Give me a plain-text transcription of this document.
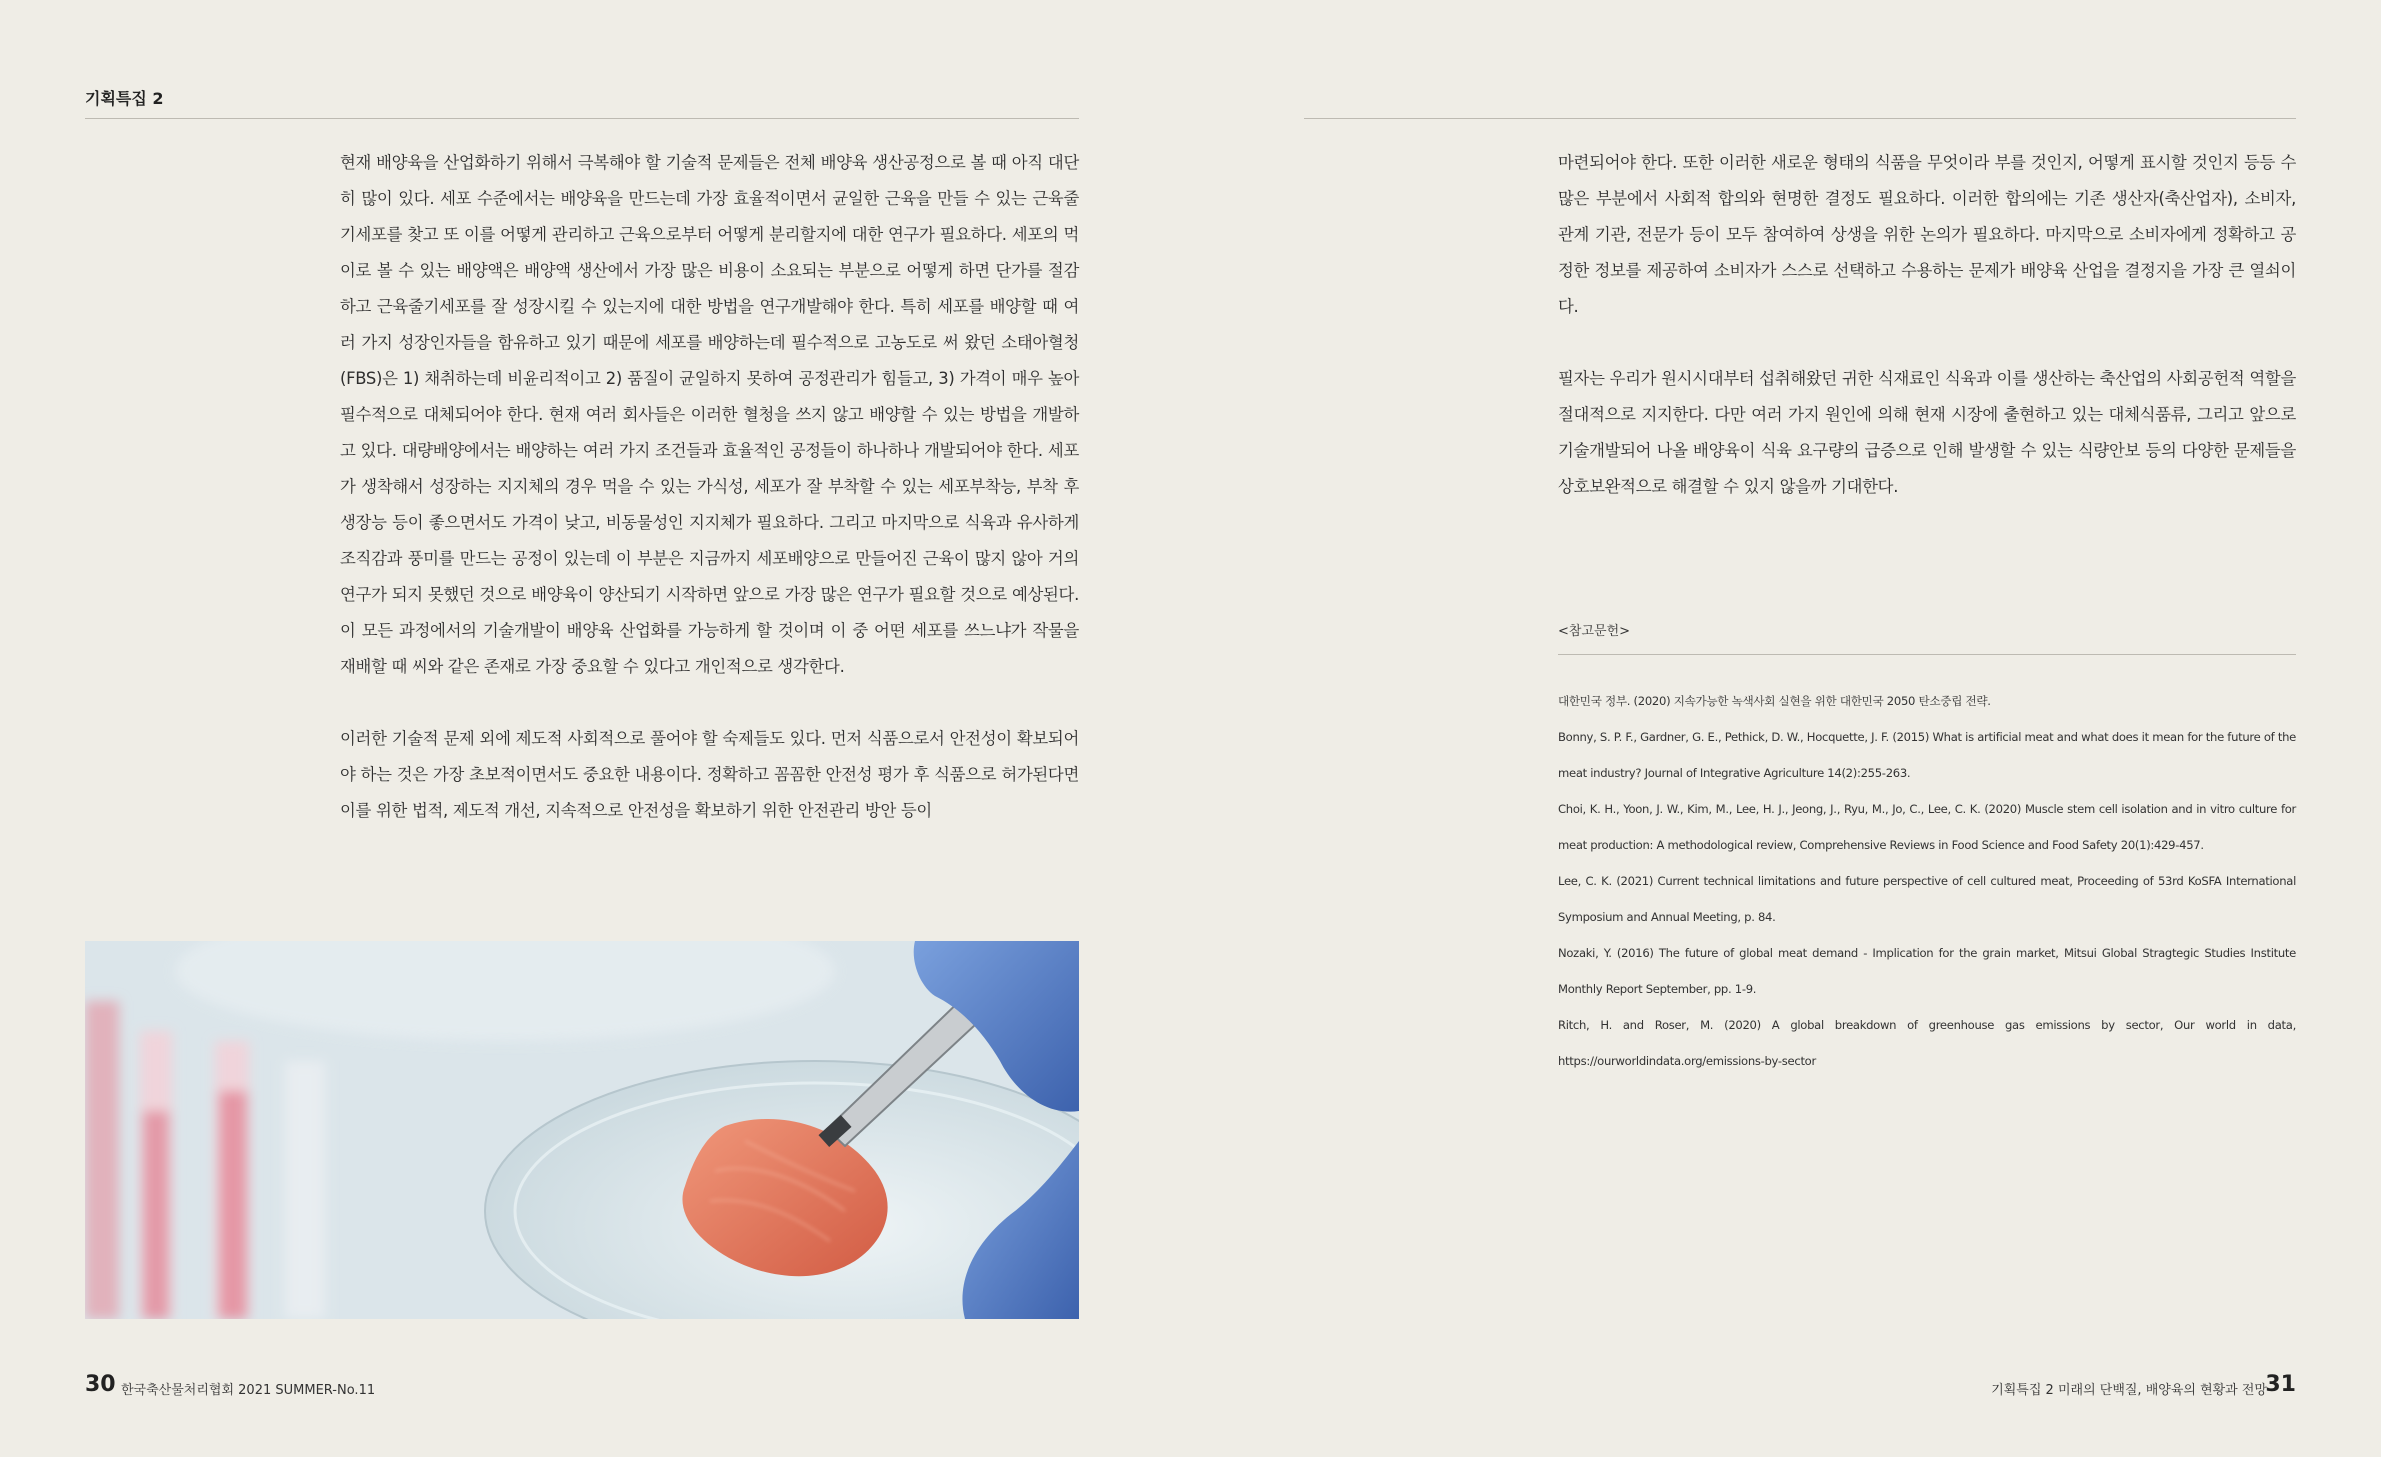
기획특집 2

현재 배양육을 산업화하기 위해서 극복해야 할 기술적 문제들은 전체 배양육 생산공정으로 볼 때 아직 대단히 많이 있다. 세포 수준에서는 배양육을 만드는데 가장 효율적이면서 균일한 근육을 만들 수 있는 근육줄기세포를 찾고 또 이를 어떻게 관리하고 근육으로부터 어떻게 분리할지에 대한 연구가 필요하다. 세포의 먹이로 볼 수 있는 배양액은 배양액 생산에서 가장 많은 비용이 소요되는 부분으로 어떻게 하면 단가를 절감하고 근육줄기세포를 잘 성장시킬 수 있는지에 대한 방법을 연구개발해야 한다. 특히 세포를 배양할 때 여러 가지 성장인자들을 함유하고 있기 때문에 세포를 배양하는데 필수적으로 고농도로 써 왔던 소태아혈청(FBS)은 1) 채취하는데 비윤리적이고 2) 품질이 균일하지 못하여 공정관리가 힘들고, 3) 가격이 매우 높아 필수적으로 대체되어야 한다. 현재 여러 회사들은 이러한 혈청을 쓰지 않고 배양할 수 있는 방법을 개발하고 있다. 대량배양에서는 배양하는 여러 가지 조건들과 효율적인 공정들이 하나하나 개발되어야 한다. 세포가 생착해서 성장하는 지지체의 경우 먹을 수 있는 가식성, 세포가 잘 부착할 수 있는 세포부착능, 부착 후 생장능 등이 좋으면서도 가격이 낮고, 비동물성인 지지체가 필요하다. 그리고 마지막으로 식육과 유사하게 조직감과 풍미를 만드는 공정이 있는데 이 부분은 지금까지 세포배양으로 만들어진 근육이 많지 않아 거의 연구가 되지 못했던 것으로 배양육이 양산되기 시작하면 앞으로 가장 많은 연구가 필요할 것으로 예상된다. 이 모든 과정에서의 기술개발이 배양육 산업화를 가능하게 할 것이며 이 중 어떤 세포를 쓰느냐가 작물을 재배할 때 씨와 같은 존재로 가장 중요할 수 있다고 개인적으로 생각한다.

이러한 기술적 문제 외에 제도적 사회적으로 풀어야 할 숙제들도 있다. 먼저 식품으로서 안전성이 확보되어야 하는 것은 가장 초보적이면서도 중요한 내용이다. 정확하고 꼼꼼한 안전성 평가 후 식품으로 허가된다면 이를 위한 법적, 제도적 개선, 지속적으로 안전성을 확보하기 위한 안전관리 방안 등이

마련되어야 한다. 또한 이러한 새로운 형태의 식품을 무엇이라 부를 것인지, 어떻게 표시할 것인지 등등 수많은 부분에서 사회적 합의와 현명한 결정도 필요하다. 이러한 합의에는 기존 생산자(축산업자), 소비자, 관계 기관, 전문가 등이 모두 참여하여 상생을 위한 논의가 필요하다. 마지막으로 소비자에게 정확하고 공정한 정보를 제공하여 소비자가 스스로 선택하고 수용하는 문제가 배양육 산업을 결정지을 가장 큰 열쇠이다.

필자는 우리가 원시시대부터 섭취해왔던 귀한 식재료인 식육과 이를 생산하는 축산업의 사회공헌적 역할을 절대적으로 지지한다. 다만 여러 가지 원인에 의해 현재 시장에 출현하고 있는 대체식품류, 그리고 앞으로 기술개발되어 나올 배양육이 식육 요구량의 급증으로 인해 발생할 수 있는 식량안보 등의 다양한 문제들을 상호보완적으로 해결할 수 있지 않을까 기대한다.

<참고문헌>

대한민국 정부. (2020) 지속가능한 녹색사회 실현을 위한 대한민국 2050 탄소중립 전략.

Bonny, S. P. F., Gardner, G. E., Pethick, D. W., Hocquette, J. F. (2015) What is artificial meat and what does it mean for the future of the meat industry? Journal of Integrative Agriculture 14(2):255-263.

Choi, K. H., Yoon, J. W., Kim, M., Lee, H. J., Jeong, J., Ryu, M., Jo, C., Lee, C. K. (2020) Muscle stem cell isolation and in vitro culture for meat production: A methodological review, Comprehensive Reviews in Food Science and Food Safety 20(1):429-457.

Lee, C. K. (2021) Current technical limitations and future perspective of cell cultured meat, Proceeding of 53rd KoSFA International Symposium and Annual Meeting, p. 84.

Nozaki, Y. (2016) The future of global meat demand - Implication for the grain market, Mitsui Global Stragtegic Studies Institute Monthly Report September, pp. 1-9.

Ritch, H. and Roser, M. (2020) A global breakdown of greenhouse gas emissions by sector, Our world in data, https://ourworldindata.org/emissions-by-sector

30 한국축산물처리협회 2021 SUMMER-No.11	기획특집 2 미래의 단백질, 배양육의 현황과 전망
31
